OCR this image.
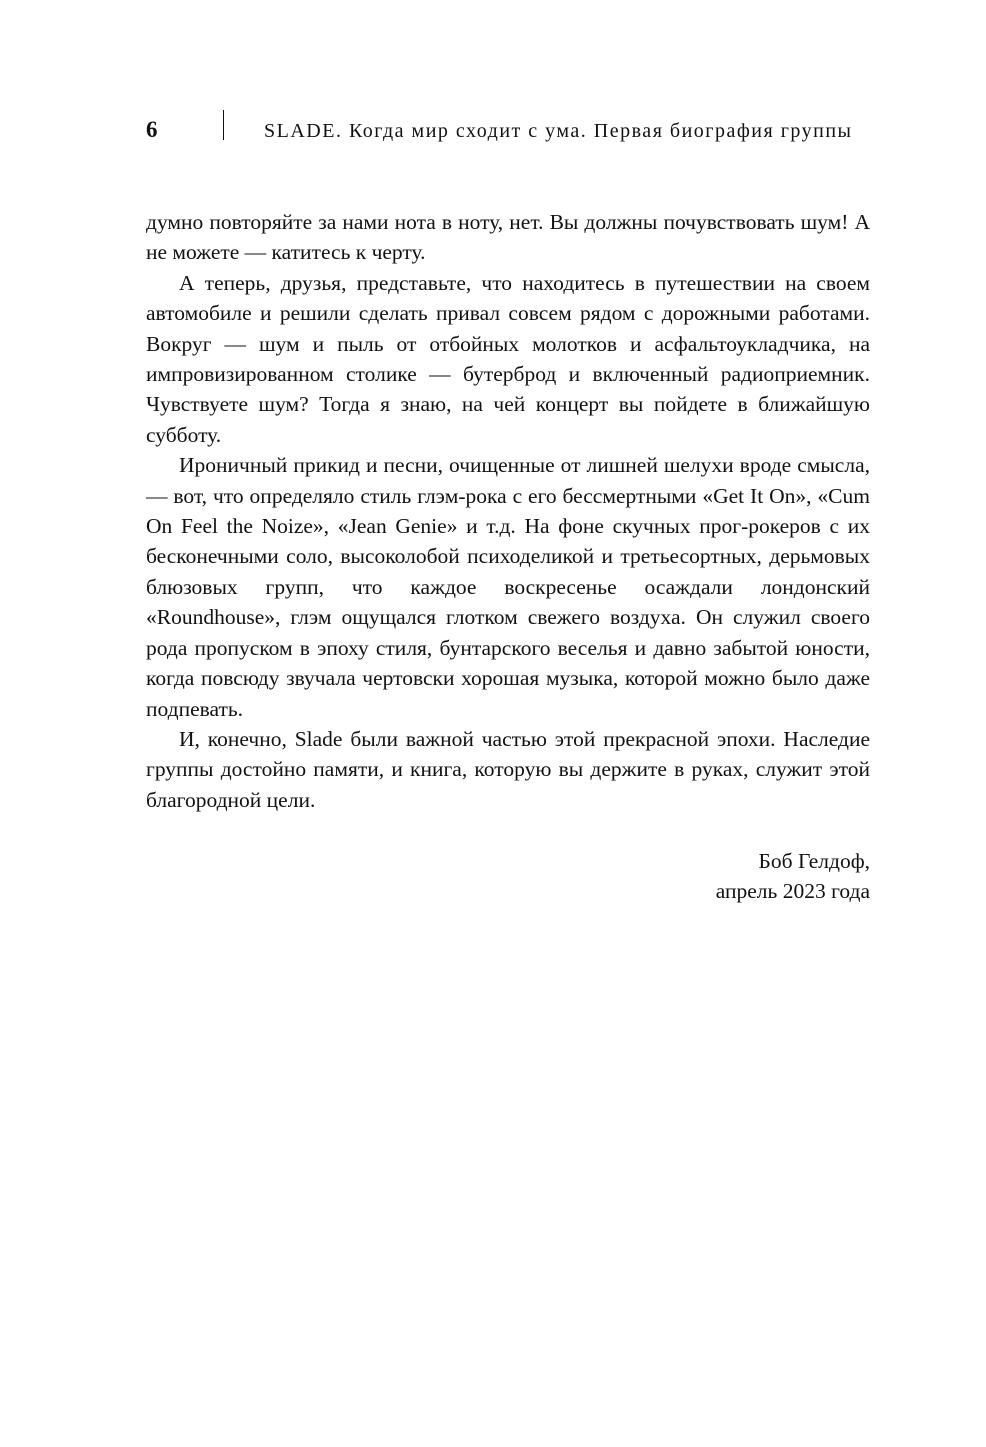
6	SLADE. Когда мир сходит с ума. Первая биография группы

думно повторяйте за нами нота в ноту, нет. Вы должны почувствовать шум! А не можете — катитесь к черту.

А теперь, друзья, представьте, что находитесь в путешествии на своем автомобиле и решили сделать привал совсем рядом с дорожными работами. Вокруг — шум и пыль от отбойных молотков и асфальтоукладчика, на импровизированном столике — бутерброд и включенный радиоприемник. Чувствуете шум? Тогда я знаю, на чей концерт вы пойдете в ближайшую субботу.

Ироничный прикид и песни, очищенные от лишней шелухи вроде смысла, — вот, что определяло стиль глэм-рока с его бессмертными «Get It On», «Cum On Feel the Noize», «Jean Genie» и т.д. На фоне скучных прог-рокеров с их бесконечными соло, высоколобой психоделикой и третьесортных, дерьмовых блюзовых групп, что каждое воскресенье осаждали лондонский «Roundhouse», глэм ощущался глотком свежего воздуха. Он служил своего рода пропуском в эпоху стиля, бунтарского веселья и давно забытой юности, когда повсюду звучала чертовски хорошая музыка, которой можно было даже подпевать.

И, конечно, Slade были важной частью этой прекрасной эпохи. Наследие группы достойно памяти, и книга, которую вы держите в руках, служит этой благородной цели.

Боб Гелдоф,
апрель 2023 года
